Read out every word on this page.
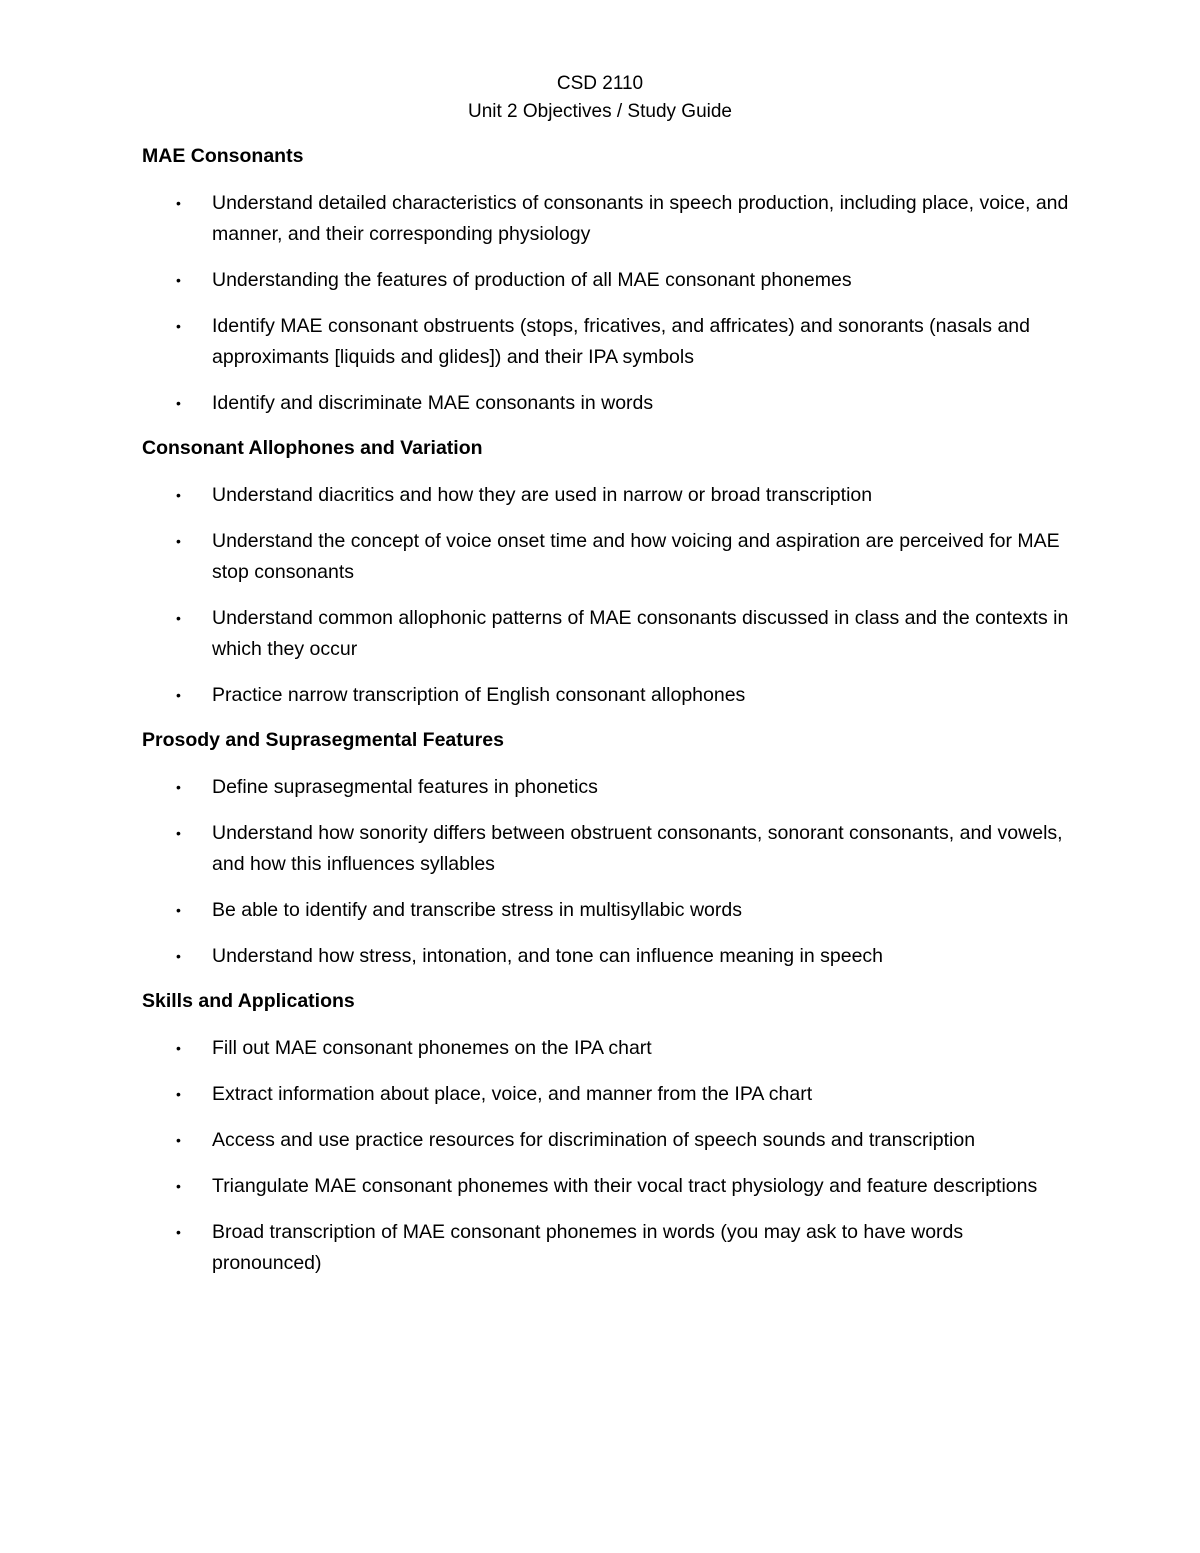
CSD 2110
Unit 2 Objectives / Study Guide
MAE Consonants
• Understand detailed characteristics of consonants in speech production, including place, voice, and manner, and their corresponding physiology
• Understanding the features of production of all MAE consonant phonemes
• Identify MAE consonant obstruents (stops, fricatives, and affricates) and sonorants (nasals and approximants [liquids and glides]) and their IPA symbols
• Identify and discriminate MAE consonants in words
Consonant Allophones and Variation
• Understand diacritics and how they are used in narrow or broad transcription
• Understand the concept of voice onset time and how voicing and aspiration are perceived for MAE stop consonants
• Understand common allophonic patterns of MAE consonants discussed in class and the contexts in which they occur
• Practice narrow transcription of English consonant allophones
Prosody and Suprasegmental Features
• Define suprasegmental features in phonetics
• Understand how sonority differs between obstruent consonants, sonorant consonants, and vowels, and how this influences syllables
• Be able to identify and transcribe stress in multisyllabic words
• Understand how stress, intonation, and tone can influence meaning in speech
Skills and Applications
• Fill out MAE consonant phonemes on the IPA chart
• Extract information about place, voice, and manner from the IPA chart
• Access and use practice resources for discrimination of speech sounds and transcription
• Triangulate MAE consonant phonemes with their vocal tract physiology and feature descriptions
• Broad transcription of MAE consonant phonemes in words (you may ask to have words pronounced)
